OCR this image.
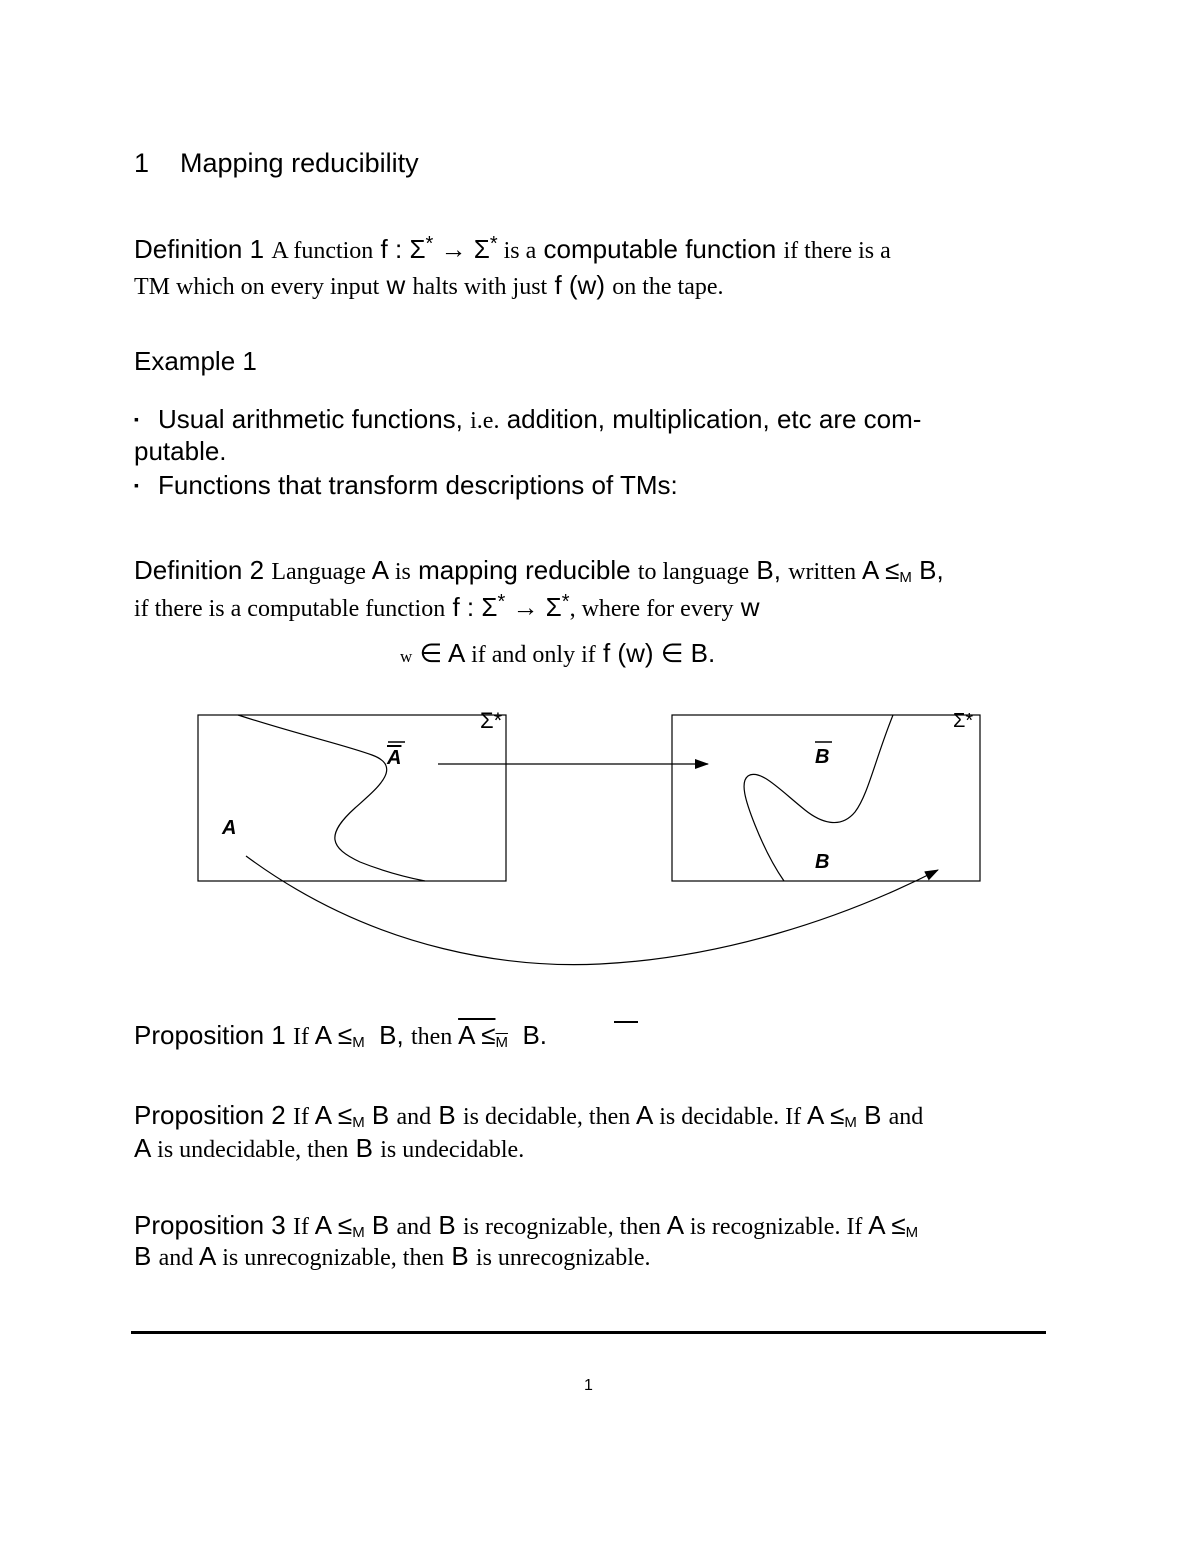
1 Mapping reducibility
Definition 1 A function f : Σ* → Σ* is a computable function if there is a
TM which on every input w halts with just f (w) on the tape.
Example 1
▪ Usual arithmetic functions, i.e. addition, multiplication, etc are com-
putable.
▪ Functions that transform descriptions of TMs:
Definition 2 Language A is mapping reducible to language B, written A ≤M B,
if there is a computable function f : Σ* → Σ*, where for every w
w ∈ A if and only if f (w) ∈ B.
Σ*	Σ*
A
A
B
B
Proposition 1 If A ≤M B, then $A \le\overline{M}$ B.
Proposition 2 If A ≤M B and B is decidable, then A is decidable. If A ≤M B and
A is undecidable, then B is undecidable.
Proposition 3 If A ≤M B and B is recognizable, then A is recognizable. If A ≤M
B and A is unrecognizable, then B is unrecognizable.
1
